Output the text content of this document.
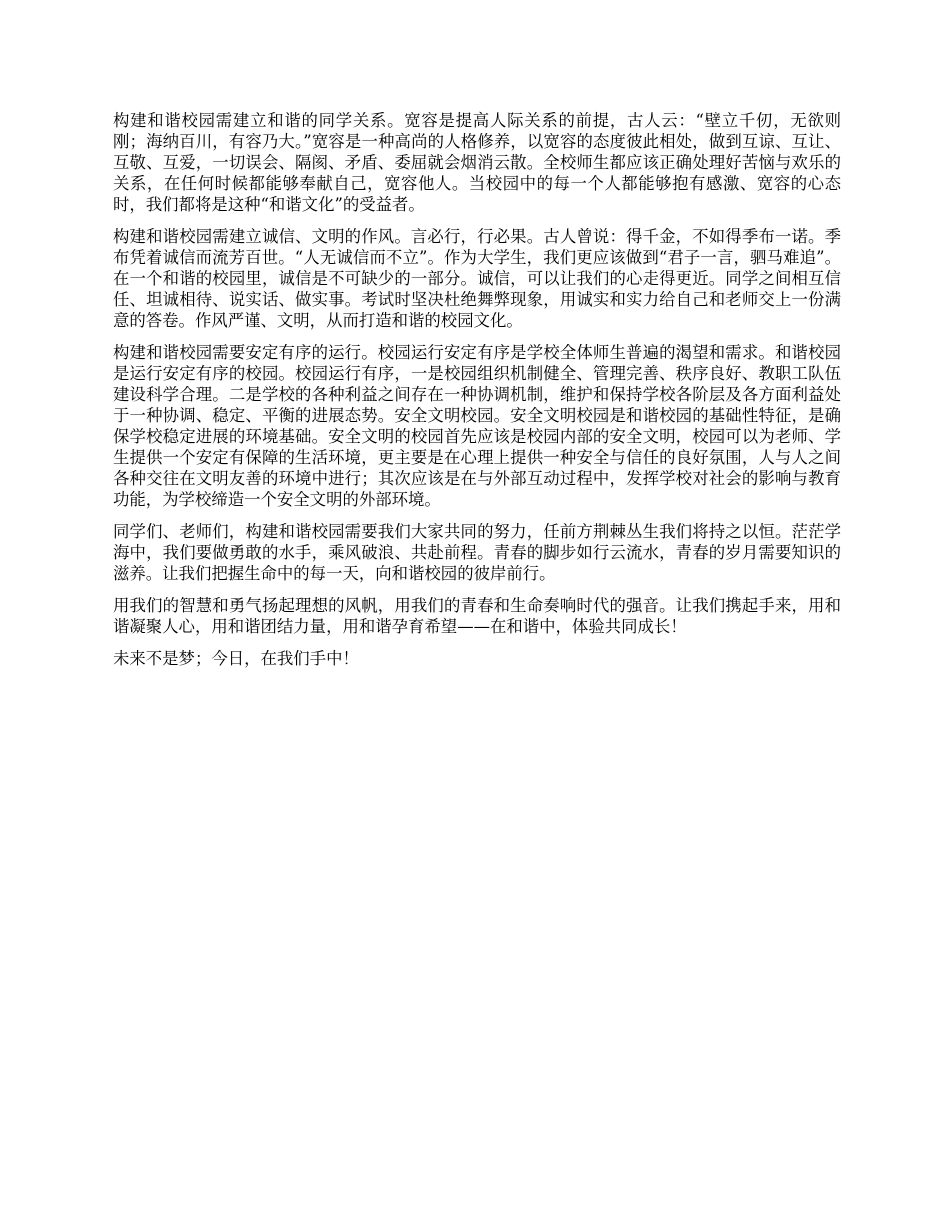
构建和谐校园需建立和谐的同学关系。宽容是提高人际关系的前提，古人云：“壁立千仞，无欲则刚；海纳百川，有容乃大。”宽容是一种高尚的人格修养，以宽容的态度彼此相处，做到互谅、互让、互敬、互爱，一切误会、隔阂、矛盾、委屈就会烟消云散。全校师生都应该正确处理好苦恼与欢乐的关系，在任何时候都能够奉献自己，宽容他人。当校园中的每一个人都能够抱有感激、宽容的心态时，我们都将是这种“和谐文化”的受益者。

构建和谐校园需建立诚信、文明的作风。言必行，行必果。古人曾说：得千金，不如得季布一诺。季布凭着诚信而流芳百世。“人无诚信而不立”。作为大学生，我们更应该做到“君子一言，驷马难追”。在一个和谐的校园里，诚信是不可缺少的一部分。诚信，可以让我们的心走得更近。同学之间相互信任、坦诚相待、说实话、做实事。考试时坚决杜绝舞弊现象，用诚实和实力给自己和老师交上一份满意的答卷。作风严谨、文明，从而打造和谐的校园文化。

构建和谐校园需要安定有序的运行。校园运行安定有序是学校全体师生普遍的渴望和需求。和谐校园是运行安定有序的校园。校园运行有序，一是校园组织机制健全、管理完善、秩序良好、教职工队伍建设科学合理。二是学校的各种利益之间存在一种协调机制，维护和保持学校各阶层及各方面利益处于一种协调、稳定、平衡的进展态势。安全文明校园。安全文明校园是和谐校园的基础性特征，是确保学校稳定进展的环境基础。安全文明的校园首先应该是校园内部的安全文明，校园可以为老师、学生提供一个安定有保障的生活环境，更主要是在心理上提供一种安全与信任的良好氛围，人与人之间各种交往在文明友善的环境中进行；其次应该是在与外部互动过程中，发挥学校对社会的影响与教育功能，为学校缔造一个安全文明的外部环境。

同学们、老师们，构建和谐校园需要我们大家共同的努力，任前方荆棘丛生我们将持之以恒。茫茫学海中，我们要做勇敢的水手，乘风破浪、共赴前程。青春的脚步如行云流水，青春的岁月需要知识的滋养。让我们把握生命中的每一天，向和谐校园的彼岸前行。

用我们的智慧和勇气扬起理想的风帆，用我们的青春和生命奏响时代的强音。让我们携起手来，用和谐凝聚人心，用和谐团结力量，用和谐孕育希望——在和谐中，体验共同成长！

未来不是梦；今日，在我们手中！
